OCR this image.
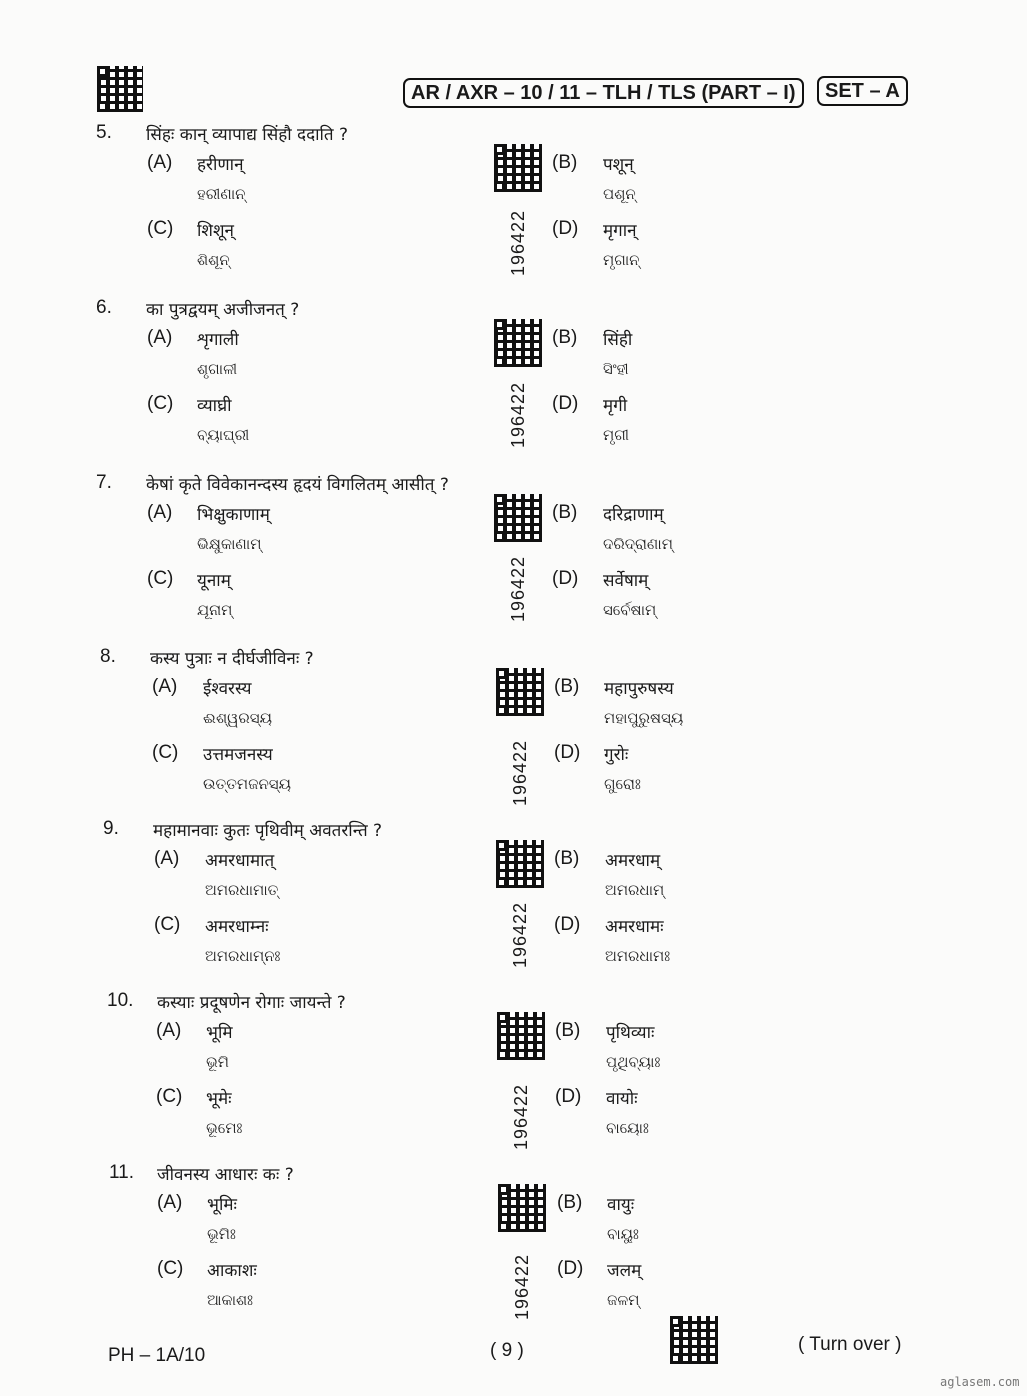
AR / AXR – 10 / 11 – TLH / TLS (PART – I)	SET – A
5. सिंहः कान् व्यापाद्य सिंहौ ददाति ?
196422
(A) हरीणान्
ହରୀଣାନ୍
(B) पशून्
ପଶୂନ୍
(C) शिशून्
ଶିଶୂନ୍
(D) मृगान्
ମୃଗାନ୍
6. का पुत्रद्वयम् अजीजनत् ?
196422
(A) शृगाली
ଶୃଗାଳୀ
(B) सिंही
ସିଂହୀ
(C) व्याघ्री
ବ୍ୟାଘ୍ରୀ
(D) मृगी
ମୃଗୀ
7. केषां कृते विवेकानन्दस्य हृदयं विगलितम् आसीत् ?
196422
(A) भिक्षुकाणाम्
ଭିକ୍ଷୁକାଣାମ୍
(B) दरिद्राणाम्
ଦରିଦ୍ରାଣାମ୍
(C) यूनाम्
ଯୂନାମ୍
(D) सर्वेषाम्
ସର୍ବେଷାମ୍
8. कस्य पुत्राः न दीर्घजीविनः ?
196422
(A) ईश्वरस्य
ଈଶ୍ୱରସ୍ୟ
(B) महापुरुषस्य
ମହାପୁରୁଷସ୍ୟ
(C) उत्तमजनस्य
ଉତ୍ତମଜନସ୍ୟ
(D) गुरोः
ଗୁରୋଃ
9. महामानवाः कुतः पृथिवीम् अवतरन्ति ?
196422
(A) अमरधामात्
ଅମରଧାମାତ୍
(B) अमरधाम्
ଅମରଧାମ୍
(C) अमरधाम्नः
ଅମରଧାମ୍ନଃ
(D) अमरधामः
ଅମରଧାମଃ
10. कस्याः प्रदूषणेन रोगाः जायन्ते ?
196422
(A) भूमि
ଭୂମି
(B) पृथिव्याः
ପୃଥିବ୍ୟାଃ
(C) भूमेः
ଭୂମେଃ
(D) वायोः
ବାୟୋଃ
11. जीवनस्य आधारः कः ?
196422
(A) भूमिः
ଭୂମିଃ
(B) वायुः
ବାୟୁଃ
(C) आकाशः
ଆକାଶଃ
(D) जलम्
ଜଳମ୍
PH – 1A/10	( 9 )	( Turn over )
aglasem.com
